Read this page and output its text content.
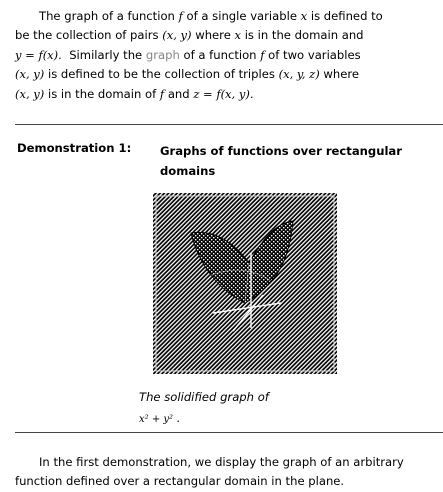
The graph of a function f of a single variable x is defined to
be the collection of pairs (x, y) where x is in the domain and
y = f(x). Similarly the graph of a function f of two variables
(x, y) is defined to be the collection of triples (x, y, z) where
(x, y) is in the domain of f and z = f(x, y).
Demonstration 1: Graphs of functions over rectangular domains
The solidified graph of
x² + y² .
In the first demonstration, we display the graph of an arbitrary function defined over a rectangular domain in the plane.
